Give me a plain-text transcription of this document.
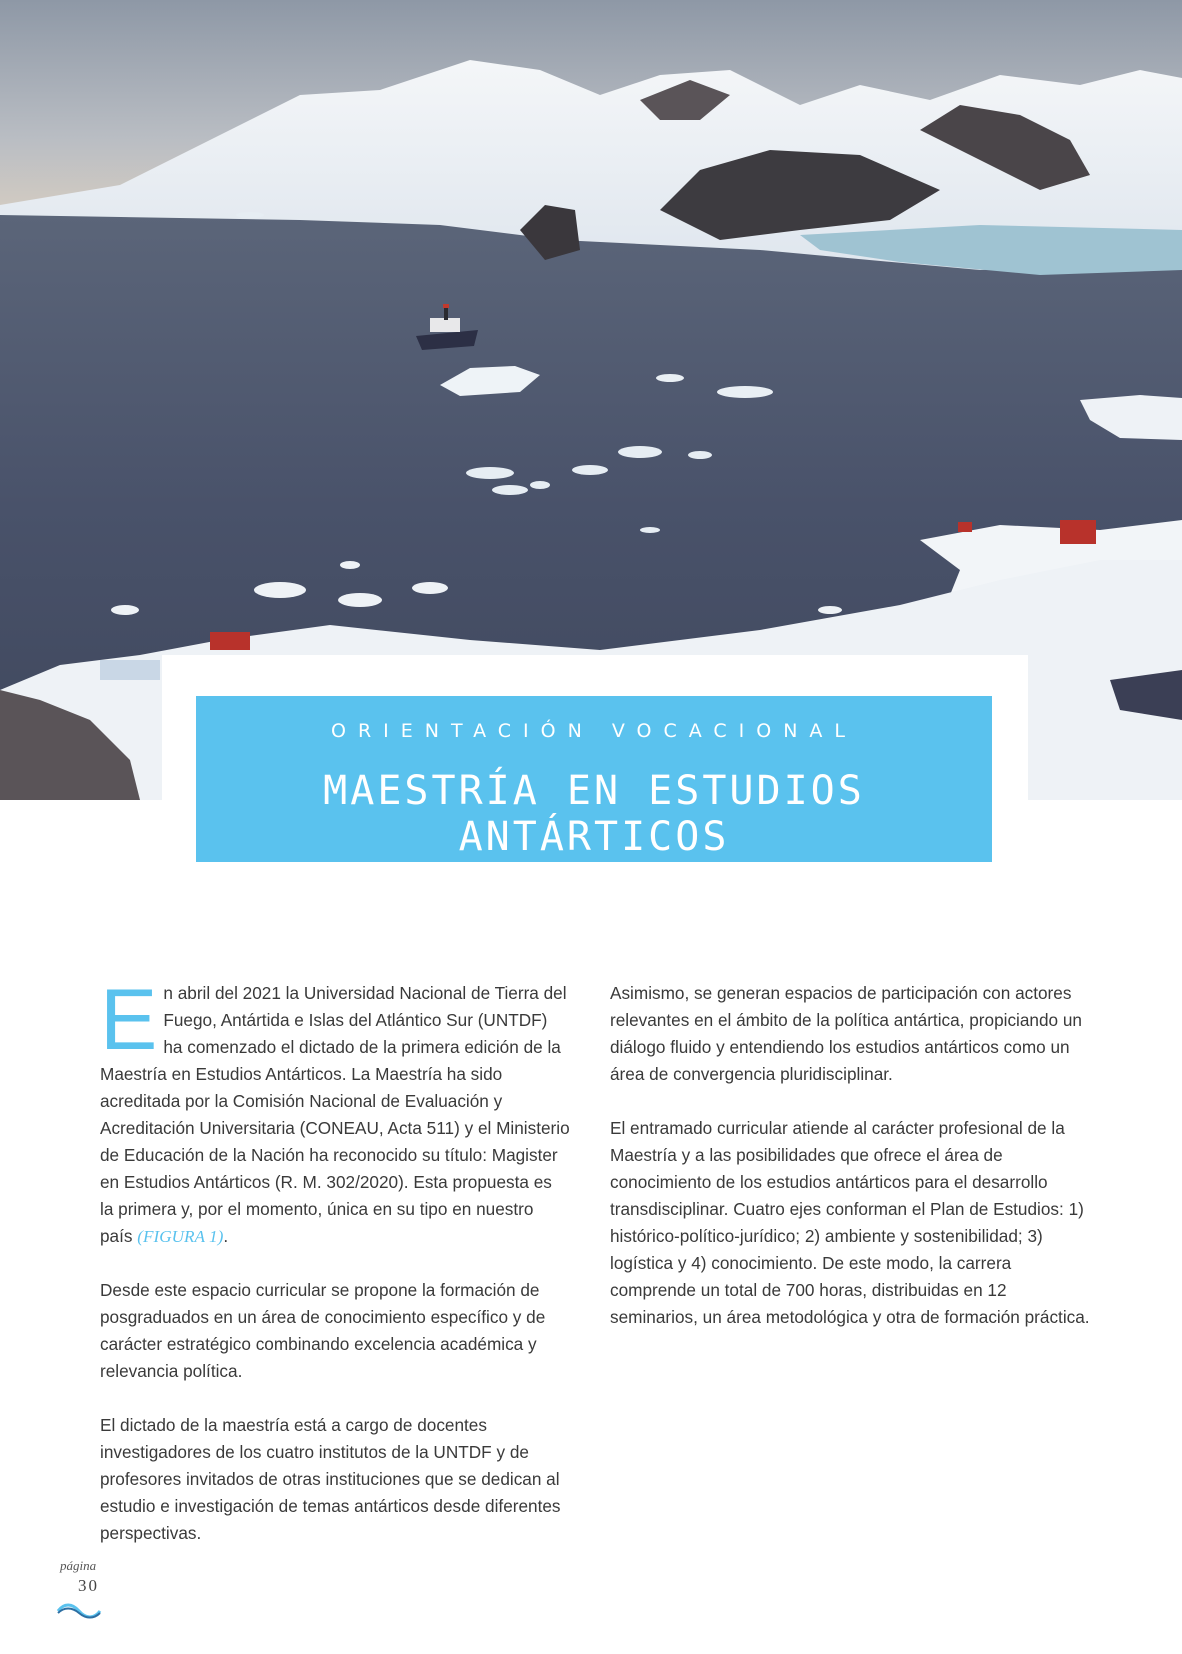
ORIENTACIÓN VOCACIONAL
MAESTRÍA EN ESTUDIOS ANTÁRTICOS

En abril del 2021 la Universidad Nacional de Tierra del Fuego, Antártida e Islas del Atlántico Sur (UNTDF) ha comenzado el dictado de la primera edición de la Maestría en Estudios Antárticos. La Maestría ha sido acreditada por la Comisión Nacional de Evaluación y Acreditación Universitaria (CONEAU, Acta 511) y el Ministerio de Educación de la Nación ha reconocido su título: Magister en Estudios Antárticos (R. M. 302/2020). Esta propuesta es la primera y, por el momento, única en su tipo en nuestro país (FIGURA 1).

Desde este espacio curricular se propone la formación de posgraduados en un área de conocimiento específico y de carácter estratégico combinando excelencia académica y relevancia política.

El dictado de la maestría está a cargo de docentes investigadores de los cuatro institutos de la UNTDF y de profesores invitados de otras instituciones que se dedican al estudio e investigación de temas antárticos desde diferentes perspectivas.

Asimismo, se generan espacios de participación con actores relevantes en el ámbito de la política antártica, propiciando un diálogo fluido y entendiendo los estudios antárticos como un área de convergencia pluridisciplinar.

El entramado curricular atiende al carácter profesional de la Maestría y a las posibilidades que ofrece el área de conocimiento de los estudios antárticos para el desarrollo transdisciplinar. Cuatro ejes conforman el Plan de Estudios: 1) histórico-político-jurídico; 2) ambiente y sostenibilidad; 3) logística y 4) conocimiento. De este modo, la carrera comprende un total de 700 horas, distribuidas en 12 seminarios, un área metodológica y otra de formación práctica.

página
30
